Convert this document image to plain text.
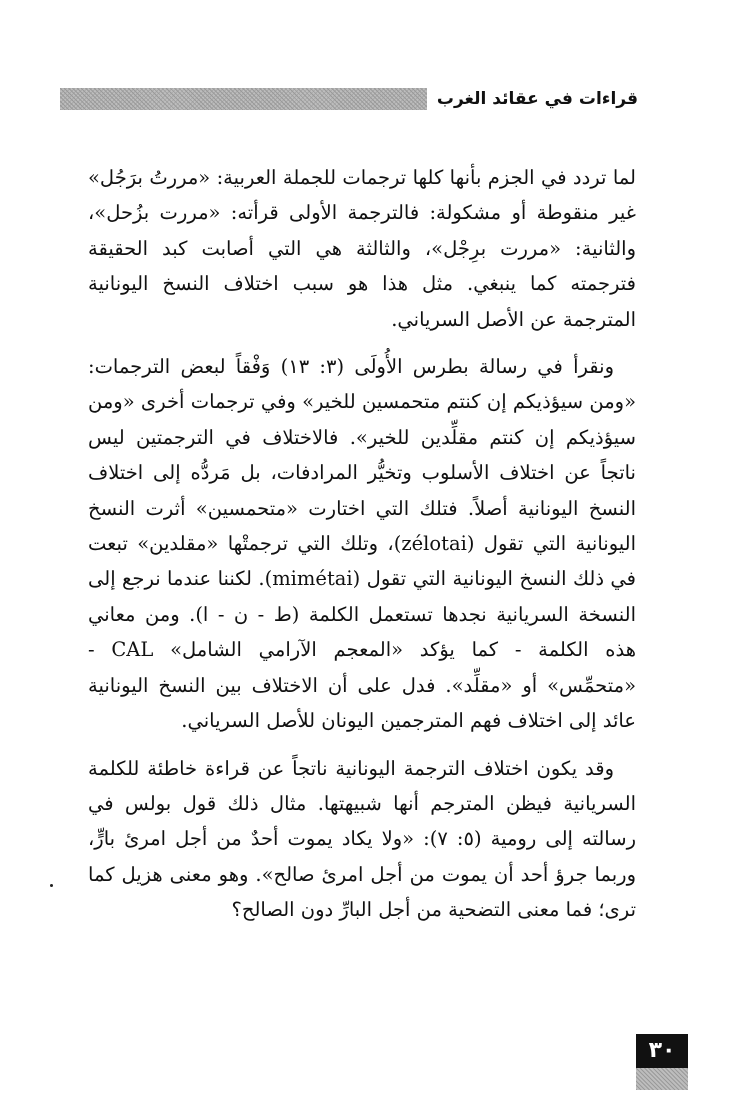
قراءات في عقائد الغرب

لما تردد في الجزم بأنها كلها ترجمات للجملة العربية: «مررتُ برَجُل» غير منقوطة أو مشكولة: فالترجمة الأولى قرأته: «مررت بزُحل»، والثانية: «مررت برِجْل»، والثالثة هي التي أصابت كبد الحقيقة فترجمته كما ينبغي. مثل هذا هو سبب اختلاف النسخ اليونانية المترجمة عن الأصل السرياني.

ونقرأ في رسالة بطرس الأُولَى (٣: ١٣) وَفْقاً لبعض الترجمات: «ومن سيؤذيكم إن كنتم متحمسين للخير» وفي ترجمات أخرى «ومن سيؤذيكم إن كنتم مقلِّدين للخير». فالاختلاف في الترجمتين ليس ناتجاً عن اختلاف الأسلوب وتخيُّر المرادفات، بل مَردُّه إلى اختلاف النسخ اليونانية أصلاً. فتلك التي اختارت «متحمسين» أثرت النسخ اليونانية التي تقول (zélotai)، وتلك التي ترجمتْها «مقلدين» تبعت في ذلك النسخ اليونانية التي تقول (mimétai). لكننا عندما نرجع إلى النسخة السريانية نجدها تستعمل الكلمة (ط - ن - ا). ومن معاني هذه الكلمة - كما يؤكد «المعجم الآرامي الشامل» CAL - «متحمِّس» أو «مقلِّد». فدل على أن الاختلاف بين النسخ اليونانية عائد إلى اختلاف فهم المترجمين اليونان للأصل السرياني.

وقد يكون اختلاف الترجمة اليونانية ناتجاً عن قراءة خاطئة للكلمة السريانية فيظن المترجم أنها شبيهتها. مثال ذلك قول بولس في رسالته إلى رومية (٥: ٧): «ولا يكاد يموت أحدٌ من أجل امرئ بارٍّ، وربما جرؤ أحد أن يموت من أجل امرئ صالح». وهو معنى هزيل كما ترى؛ فما معنى التضحية من أجل البارِّ دون الصالح؟

٣٠
